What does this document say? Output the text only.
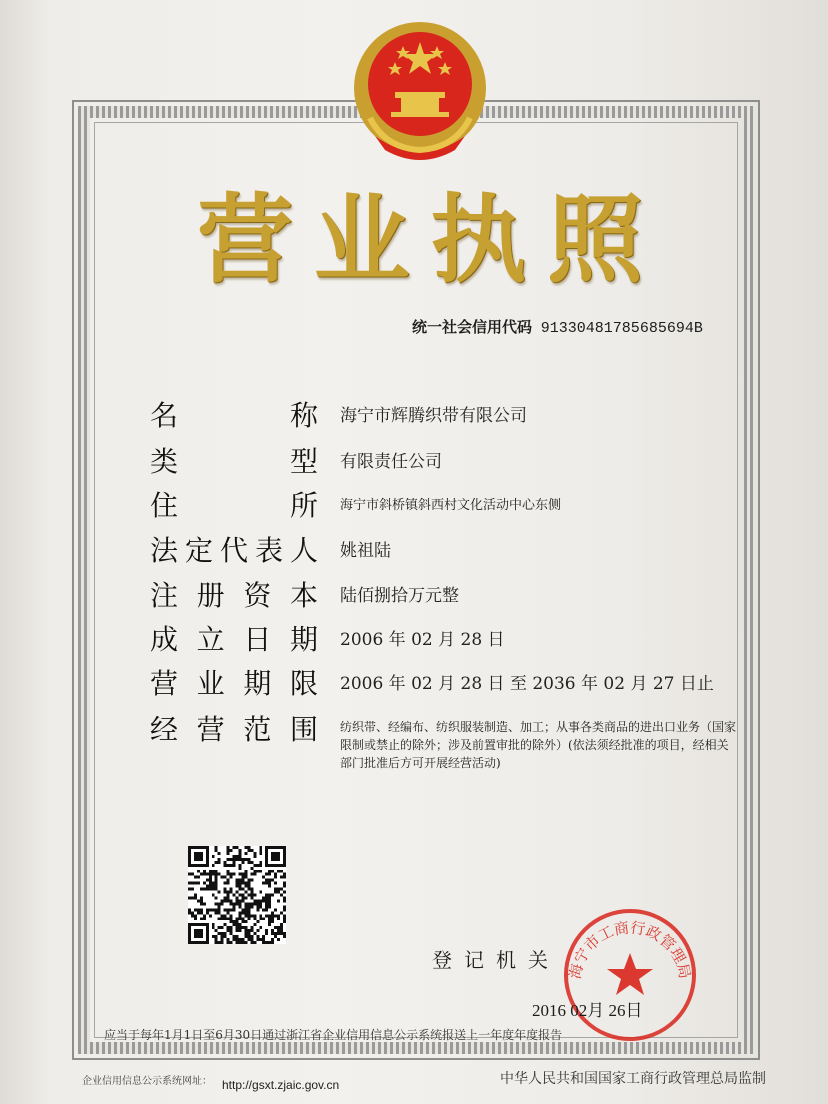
营 业 执 照
统一社会信用代码 91330481785685694B
名	称 海宁市辉腾织带有限公司
类	型 有限责任公司
住	所 海宁市斜桥镇斜西村文化活动中心东侧
法 定 代 表 人 姚祖陆
注 册 资 本 陆佰捌拾万元整
成 立 日 期 2006 年 02 月 28 日
营 业 期 限 2006 年 02 月 28 日 至 2036 年 02 月 27 日止
经 营 范 围 纺织带、经编布、纺织服装制造、加工；从事各类商品的进出口业务（国家限制或禁止的除外；涉及前置审批的除外）(依法须经批准的项目，经相关部门批准后方可开展经营活动)
登记机关 海宁市工商行政管理局
2016 02月 26日
应当于每年1月1日至6月30日通过浙江省企业信用信息公示系统报送上一年度年度报告
企业信用信息公示系统网址： http://gsxt.zjaic.gov.cn	中华人民共和国国家工商行政管理总局监制
